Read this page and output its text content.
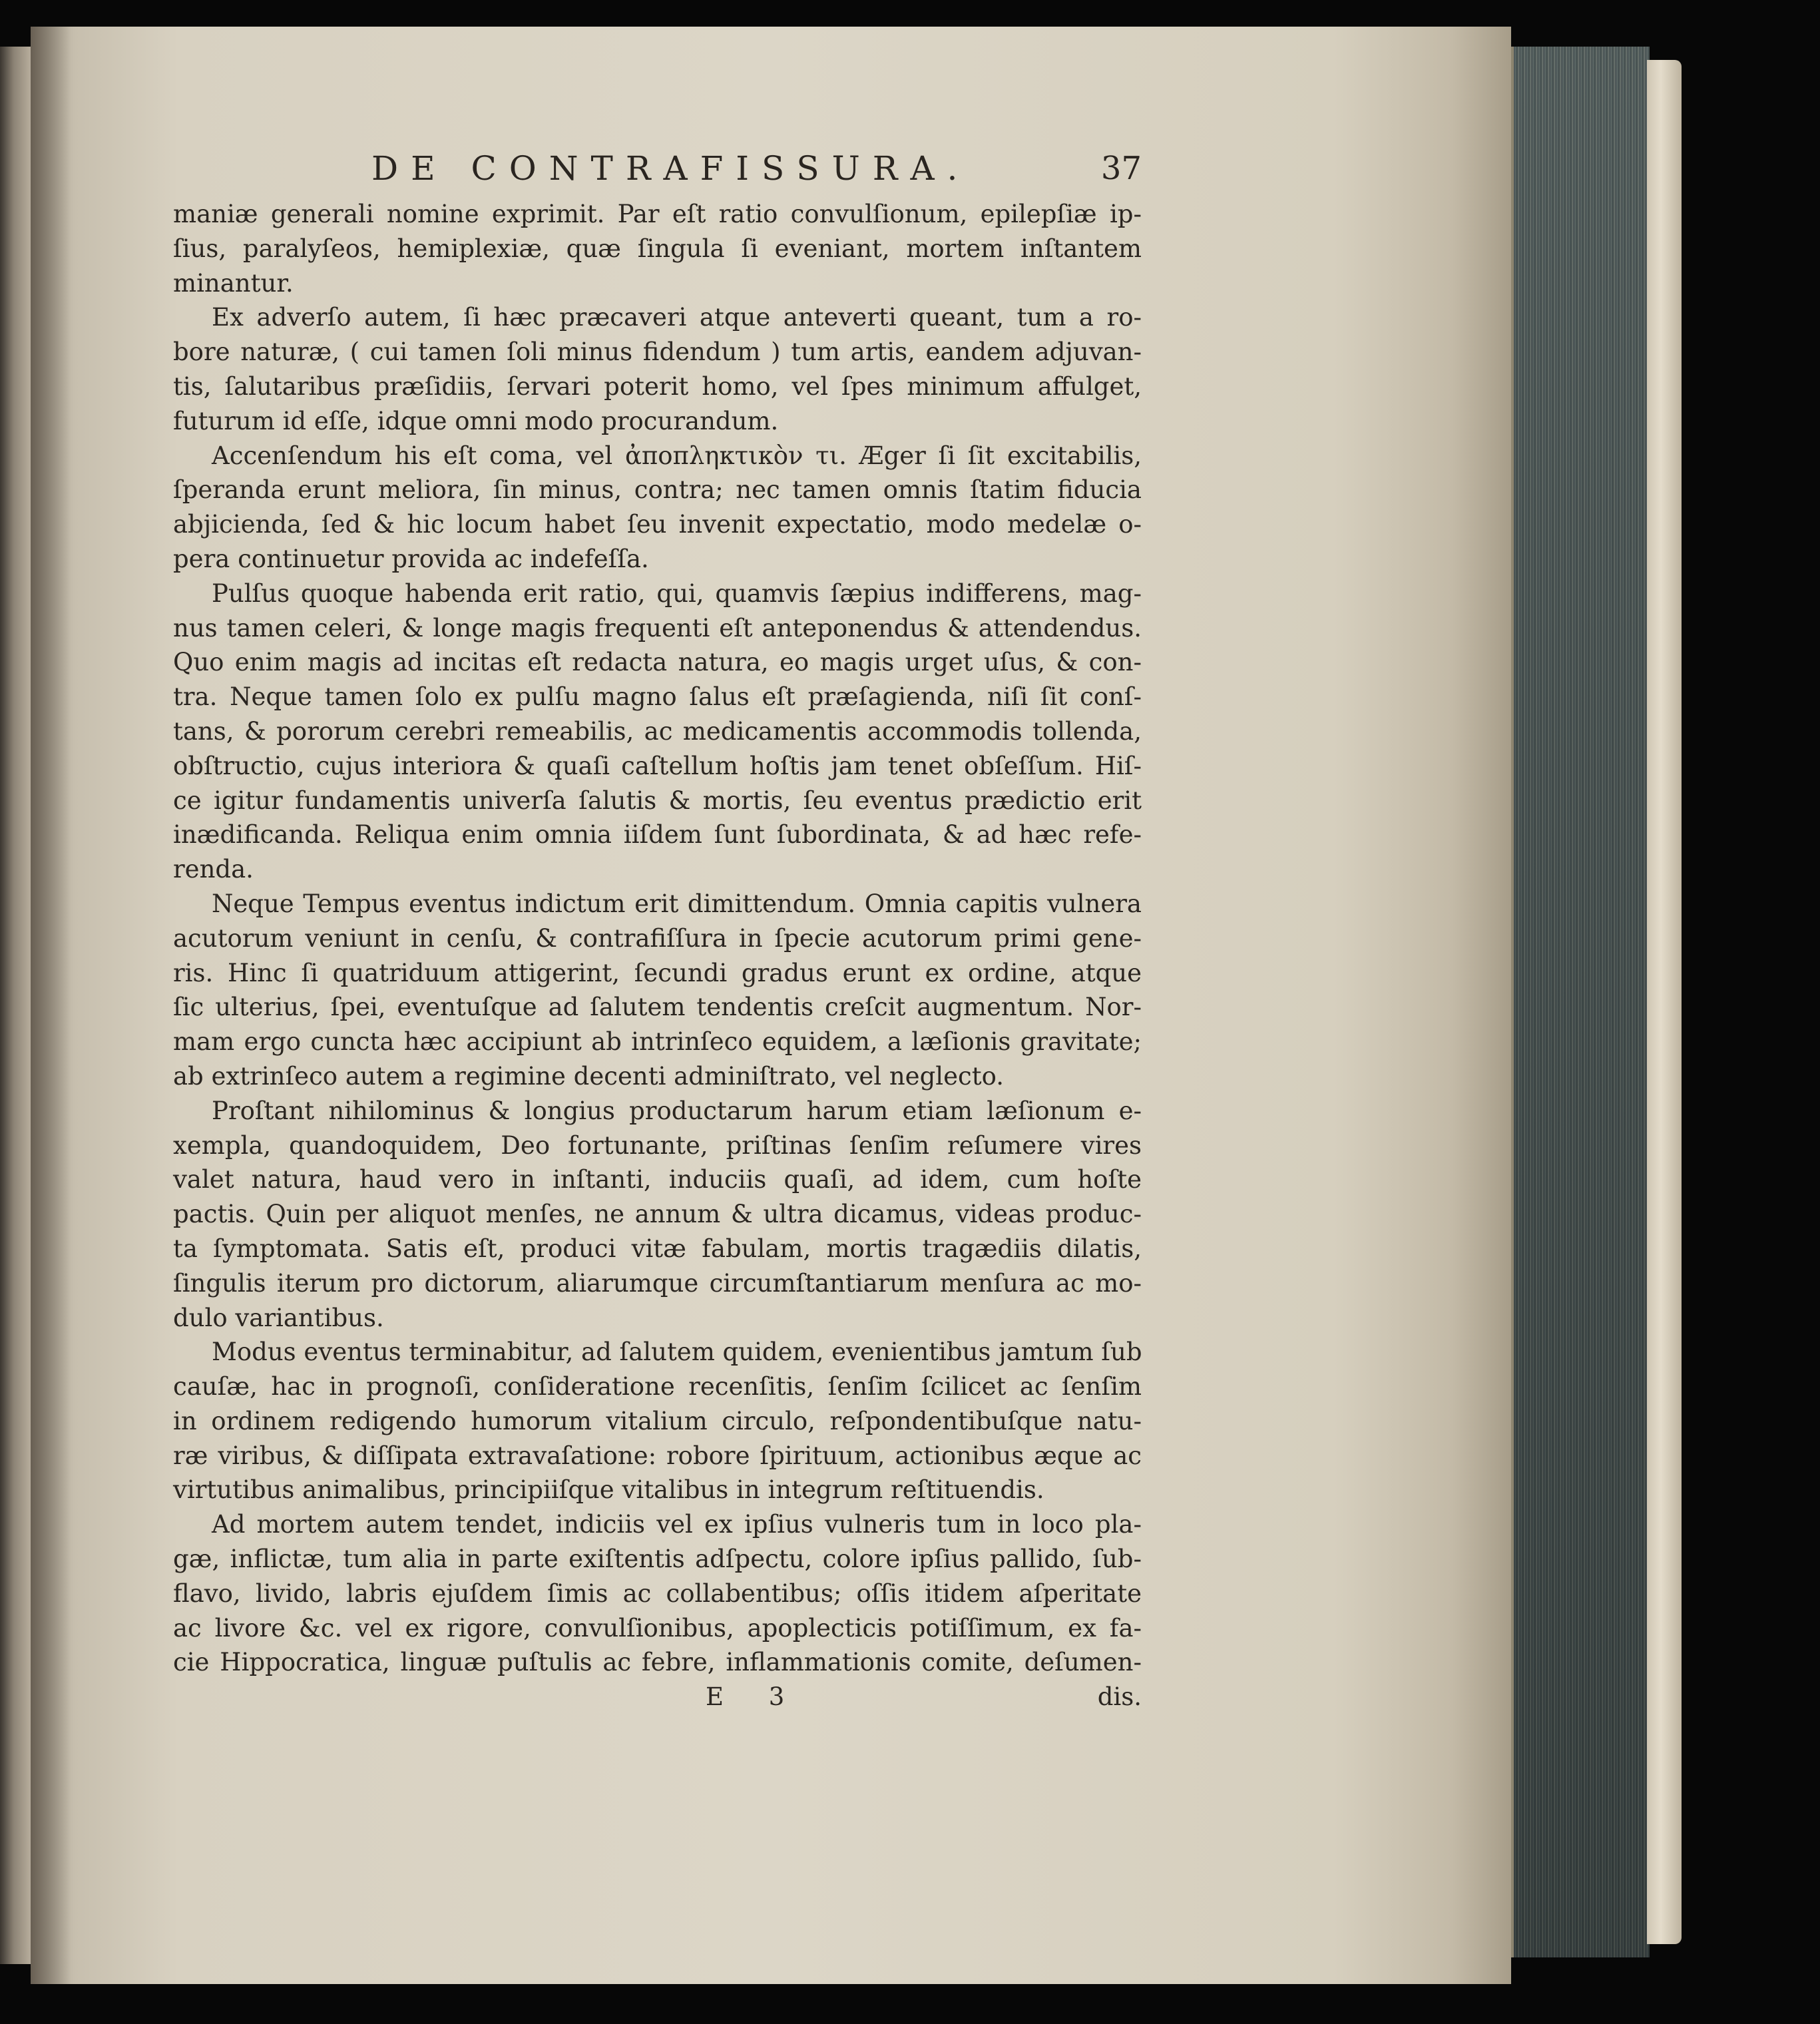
DE CONTRAFISSURA.	37
maniæ generali nomine exprimit. Par eſt ratio convulſionum, epilepſiæ ip-
ſius, paralyſeos, hemiplexiæ, quæ ſingula ſi eveniant, mortem inſtantem
minantur.
Ex adverſo autem, ſi hæc præcaveri atque anteverti queant, tum a ro-
bore naturæ, ( cui tamen ſoli minus fidendum ) tum artis, eandem adjuvan-
tis, ſalutaribus præſidiis, ſervari poterit homo, vel ſpes minimum affulget,
futurum id eſſe, idque omni modo procurandum.
Accenſendum his eſt coma, vel ἀποπληκτικὸν τι. Æger ſi ſit excitabilis,
ſperanda erunt meliora, ſin minus, contra; nec tamen omnis ſtatim fiducia
abjicienda, ſed & hic locum habet ſeu invenit expectatio, modo medelæ o-
pera continuetur provida ac indefeſſa.
Pulſus quoque habenda erit ratio, qui, quamvis ſæpius indifferens, mag-
nus tamen celeri, & longe magis frequenti eſt anteponendus & attendendus.
Quo enim magis ad incitas eſt redacta natura, eo magis urget uſus, & con-
tra. Neque tamen ſolo ex pulſu magno ſalus eſt præſagienda, niſi ſit conſ-
tans, & pororum cerebri remeabilis, ac medicamentis accommodis tollenda,
obſtructio, cujus interiora & quaſi caſtellum hoſtis jam tenet obſeſſum. Hiſ-
ce igitur fundamentis univerſa ſalutis & mortis, ſeu eventus prædictio erit
inædificanda. Reliqua enim omnia iiſdem ſunt ſubordinata, & ad hæc refe-
renda.
Neque Tempus eventus indictum erit dimittendum. Omnia capitis vulnera
acutorum veniunt in cenſu, & contrafiſſura in ſpecie acutorum primi gene-
ris. Hinc ſi quatriduum attigerint, ſecundi gradus erunt ex ordine, atque
ſic ulterius, ſpei, eventuſque ad ſalutem tendentis creſcit augmentum. Nor-
mam ergo cuncta hæc accipiunt ab intrinſeco equidem, a læſionis gravitate;
ab extrinſeco autem a regimine decenti adminiſtrato, vel neglecto.
Proſtant nihilominus & longius productarum harum etiam læſionum e-
xempla, quandoquidem, Deo fortunante, priſtinas ſenſim reſumere vires
valet natura, haud vero in inſtanti, induciis quaſi, ad idem, cum hoſte
pactis. Quin per aliquot menſes, ne annum & ultra dicamus, videas produc-
ta ſymptomata. Satis eſt, produci vitæ fabulam, mortis tragædiis dilatis,
ſingulis iterum pro dictorum, aliarumque circumſtantiarum menſura ac mo-
dulo variantibus.
Modus eventus terminabitur, ad ſalutem quidem, evenientibus jamtum ſub
cauſæ, hac in prognoſi, conſideratione recenſitis, ſenſim ſcilicet ac ſenſim
in ordinem redigendo humorum vitalium circulo, reſpondentibuſque natu-
ræ viribus, & diſſipata extravaſatione: robore ſpirituum, actionibus æque ac
virtutibus animalibus, principiiſque vitalibus in integrum reſtituendis.
Ad mortem autem tendet, indiciis vel ex ipſius vulneris tum in loco pla-
gæ, inflictæ, tum alia in parte exiſtentis adſpectu, colore ipſius pallido, ſub-
flavo, livido, labris ejuſdem ſimis ac collabentibus; oſſis itidem aſperitate
ac livore &c. vel ex rigore, convulſionibus, apoplecticis potiſſimum, ex fa-
cie Hippocratica, linguæ puſtulis ac febre, inflammationis comite, deſumen-
E 3	dis.
